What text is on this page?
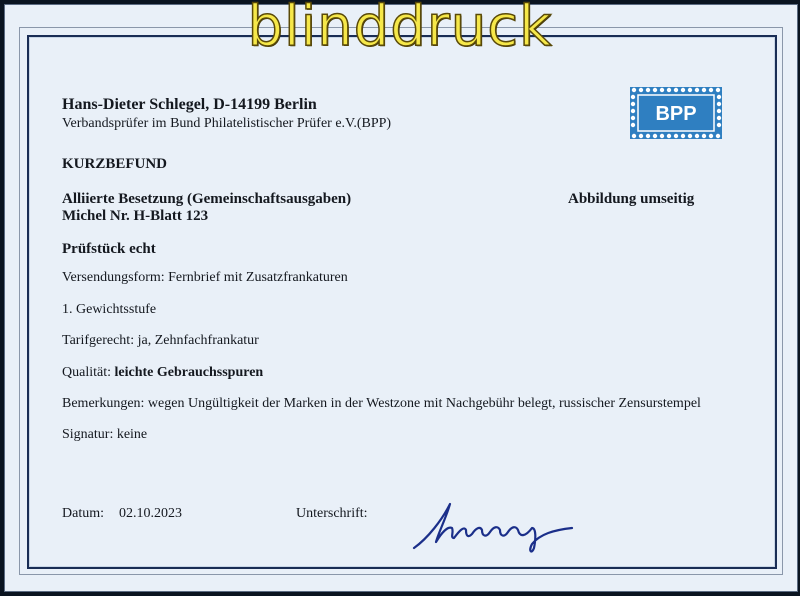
blinddruck
Hans-Dieter Schlegel, D-14199 Berlin
Verbandsprüfer im Bund Philatelistischer Prüfer e.V.(BPP)	BPP
KURZBEFUND
Alliierte Besetzung (Gemeinschaftsausgaben)
Michel Nr. H-Blatt 123
Abbildung umseitig
Prüfstück echt
Versendungsform: Fernbrief mit Zusatzfrankaturen
1. Gewichtsstufe
Tarifgerecht: ja, Zehnfachfrankatur
Qualität: leichte Gebrauchsspuren
Bemerkungen: wegen Ungültigkeit der Marken in der Westzone mit Nachgebühr belegt, russischer Zensurstempel
Signatur: keine
Datum: 02.10.2023	Unterschrift:
